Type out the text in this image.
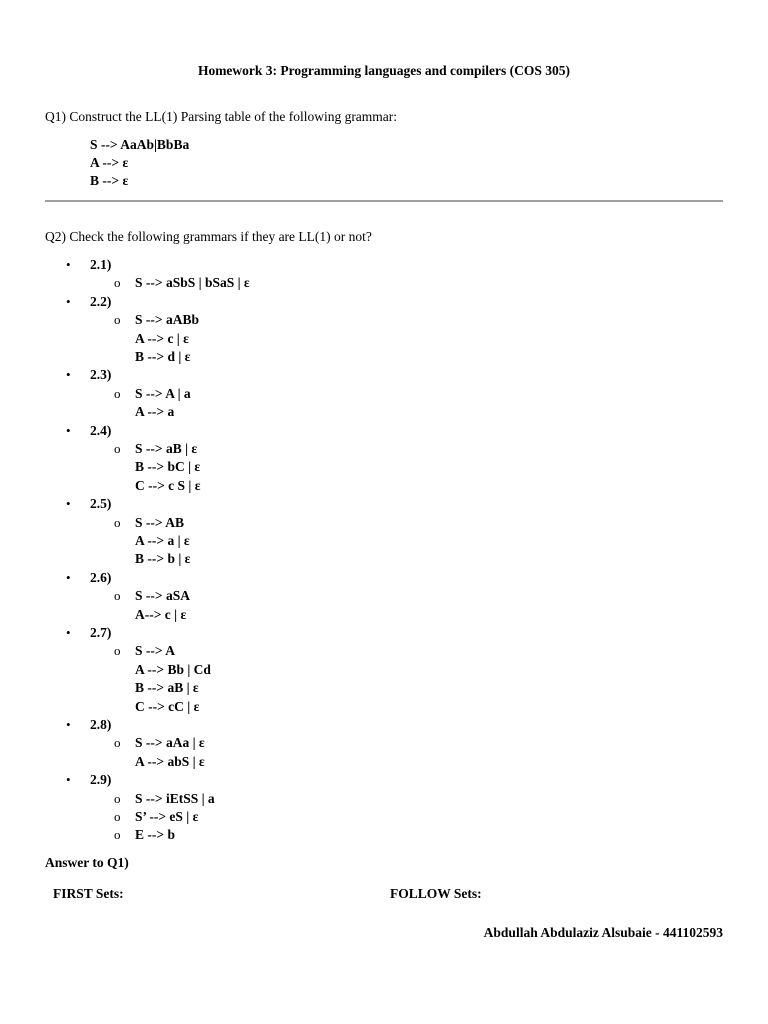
Homework 3: Programming languages and compilers (COS 305)
Q1) Construct the LL(1) Parsing table of the following grammar:
S --> AaAb|BbBa
A --> ε
B --> ε
Q2) Check the following grammars if they are LL(1) or not?
• 2.1)
o S --> aSbS | bSaS | ε
• 2.2)
o S --> aABb
A --> c | ε
B --> d | ε
• 2.3)
o S --> A | a
A --> a
• 2.4)
o S --> aB | ε
B --> bC | ε
C --> c S | ε
• 2.5)
o S --> AB
A --> a | ε
B --> b | ε
• 2.6)
o S --> aSA
A--> c | ε
• 2.7)
o S --> A
A --> Bb | Cd
B --> aB | ε
C --> cC | ε
• 2.8)
o S --> aAa | ε
A --> abS | ε
• 2.9)
o S --> iEtSS | a
o S’ --> eS | ε
o E --> b
Answer to Q1)
FIRST Sets:	FOLLOW Sets:
Abdullah Abdulaziz Alsubaie - 441102593
